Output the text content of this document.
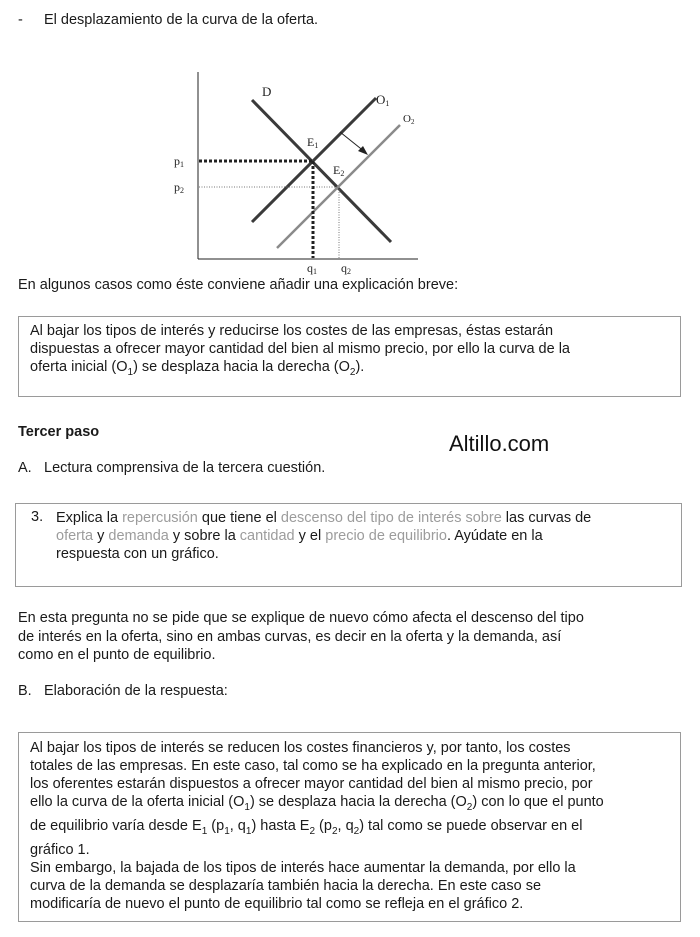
- El desplazamiento de la curva de la oferta.
D
O1
O2
E1
E2
p1
p2
q1 q2
En algunos casos como éste conviene añadir una explicación breve:
Al bajar los tipos de interés y reducirse los costes de las empresas, éstas estarán
dispuestas a ofrecer mayor cantidad del bien al mismo precio, por ello la curva de la
oferta inicial $(O_1)$ se desplaza hacia la derecha $(O_2)$.
Tercer paso	Altillo.com
A. Lectura comprensiva de la tercera cuestión.
3. Explica la repercusión que tiene el descenso del tipo de interés sobre las curvas de
oferta y demanda y sobre la cantidad y el precio de equilibrio. Ayúdate en la
respuesta con un gráfico.
En esta pregunta no se pide que se explique de nuevo cómo afecta el descenso del tipo
de interés en la oferta, sino en ambas curvas, es decir en la oferta y la demanda, así
como en el punto de equilibrio.
B. Elaboración de la respuesta:
Al bajar los tipos de interés se reducen los costes financieros y, por tanto, los costes
totales de las empresas. En este caso, tal como se ha explicado en la pregunta anterior,
los oferentes estarán dispuestos a ofrecer mayor cantidad del bien al mismo precio, por
ello la curva de la oferta inicial $(O_1)$ se desplaza hacia la derecha $(O_2)$ con lo que el punto
de equilibrio varía desde $E_1$ ($p_1$, $q_1$) hasta $E_2$ ($p_2$, $q_2$) tal como se puede observar en el
gráfico 1.
Sin embargo, la bajada de los tipos de interés hace aumentar la demanda, por ello la
curva de la demanda se desplazaría también hacia la derecha. En este caso se
modificaría de nuevo el punto de equilibrio tal como se refleja en el gráfico 2.
